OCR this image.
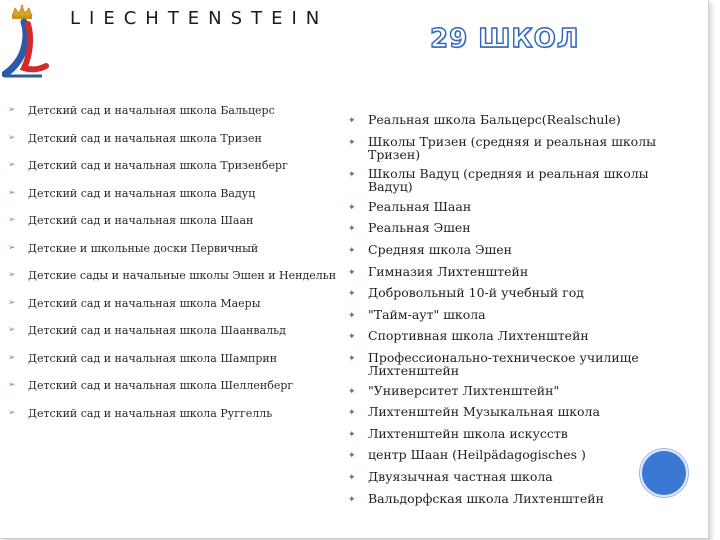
LIECHTENSTEIN
29 ШКОЛ
➢	Детский сад и начальная школа Бальцерс
➢	Детский сад и начальная школа Тризен
➢	Детский сад и начальная школа Тризенберг
➢	Детский сад и начальная школа Вадуц
➢	Детский сад и начальная школа Шаан
➢	Детские и школьные доски Первичный
➢	Детские сады и начальные школы Эшен и Нендельн
➢	Детский сад и начальная школа Маеры
➢	Детский сад и начальная школа Шаанвальд
➢	Детский сад и начальная школа Шамприн
➢	Детский сад и начальная школа Шелленберг
➢	Детский сад и начальная школа Руггелль
✦ Реальная школа Бальцерс(Realschule)
✦ Школы Тризен (средняя и реальная школы Тризен)
✦ Школы Вадуц (средняя и реальная школы Вадуц)
✦ Реальная Шаан
✦ Реальная Эшен
✦ Средняя школа Эшен
✦ Гимназия Лихтенштейн
✦ Добровольный 10-й учебный год
✦ "Тайм-аут" школа
✦ Спортивная школа Лихтенштейн
✦ Профессионально-техническое училище Лихтенштейн
✦ "Университет Лихтенштейн"
✦ Лихтенштейн Музыкальная школа
✦ Лихтенштейн школа искусств
✦ центр Шаан (Heilpädagogisches )
✦ Двуязычная частная школа
✦ Вальдорфская школа Лихтенштейн
